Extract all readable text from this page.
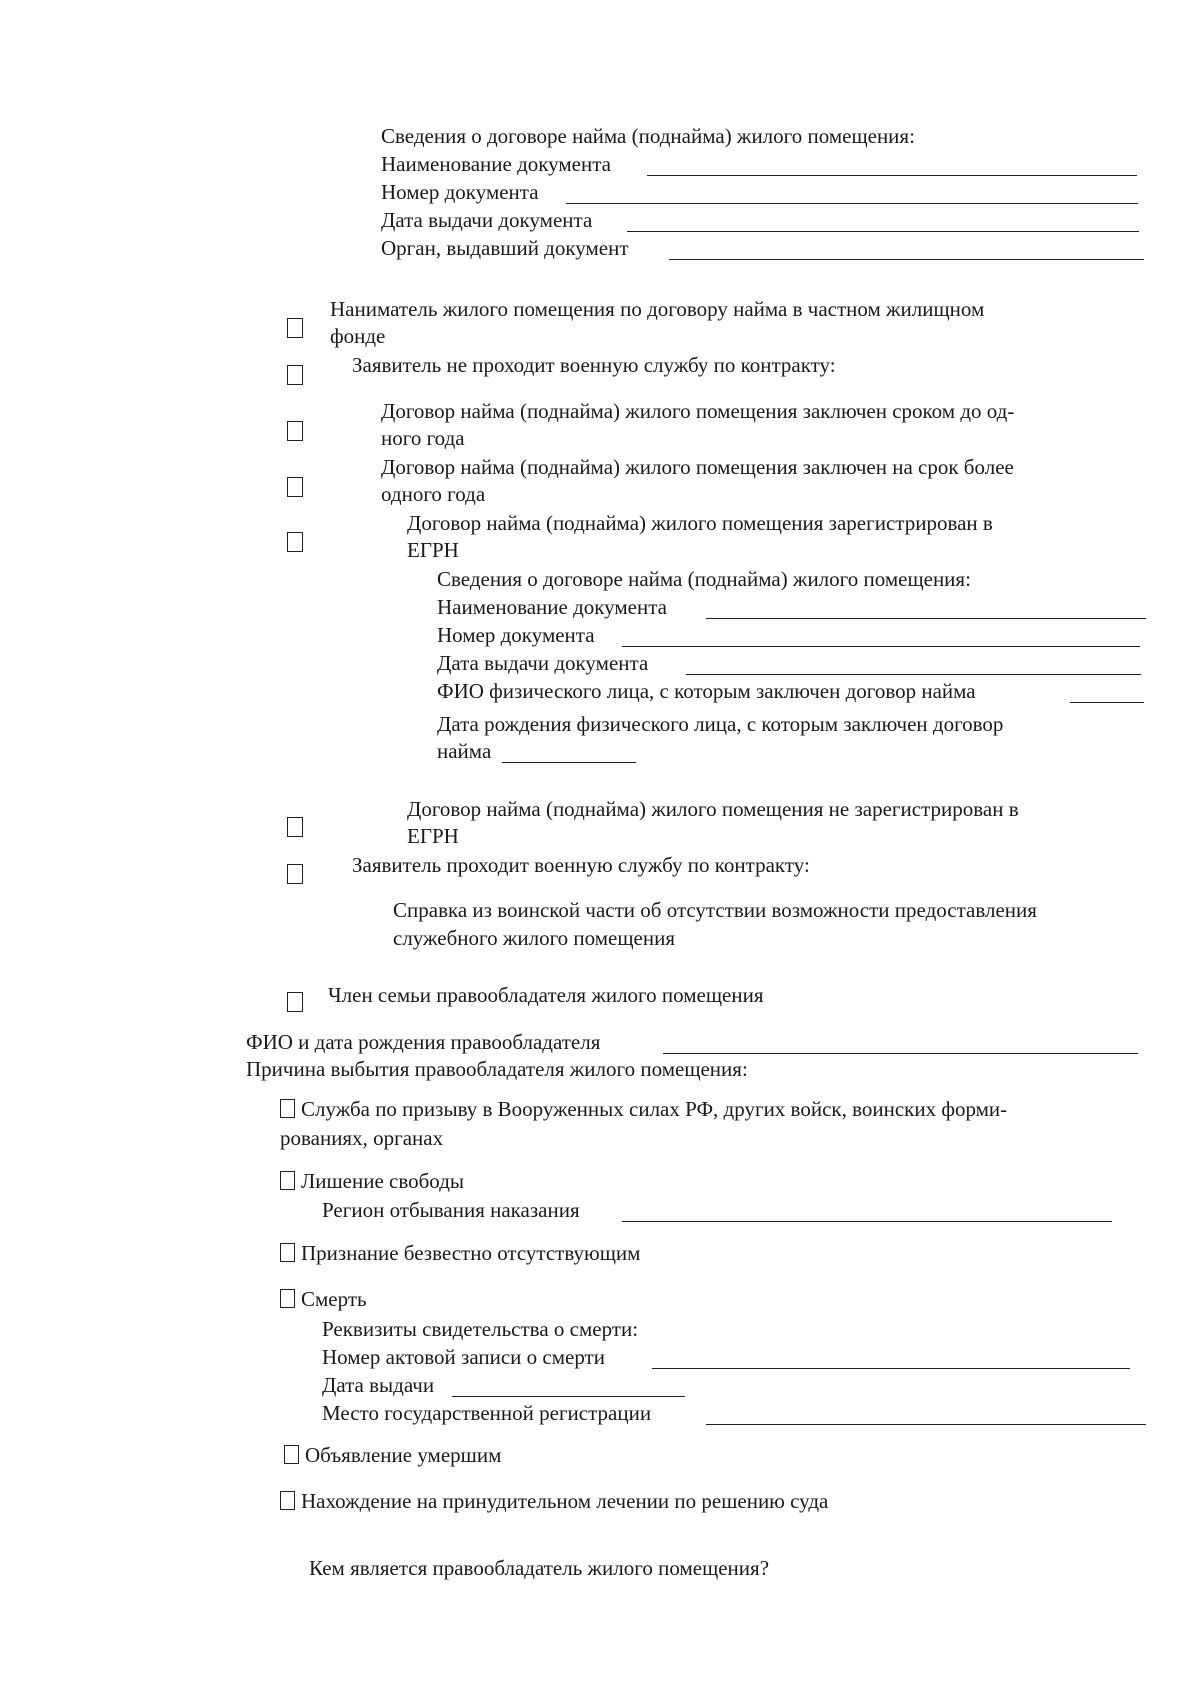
Сведения о договоре найма (поднайма) жилого помещения:
Наименование документа
Номер документа
Дата выдачи документа
Орган, выдавший документ
Наниматель жилого помещения по договору найма в частном жилищном
фонде
Заявитель не проходит военную службу по контракту:
Договор найма (поднайма) жилого помещения заключен сроком до од-
ного года
Договор найма (поднайма) жилого помещения заключен на срок более
одного года
Договор найма (поднайма) жилого помещения зарегистрирован в
ЕГРН
Сведения о договоре найма (поднайма) жилого помещения:
Наименование документа
Номер документа
Дата выдачи документа
ФИО физического лица, с которым заключен договор найма
Дата рождения физического лица, с которым заключен договор
найма
Договор найма (поднайма) жилого помещения не зарегистрирован в
ЕГРН
Заявитель проходит военную службу по контракту:
Справка из воинской части об отсутствии возможности предоставления
служебного жилого помещения
Член семьи правообладателя жилого помещения
ФИО и дата рождения правообладателя
Причина выбытия правообладателя жилого помещения:
Служба по призыву в Вооруженных силах РФ, других войск, воинских форми-
рованиях, органах
Лишение свободы
Регион отбывания наказания
Признание безвестно отсутствующим
Смерть
Реквизиты свидетельства о смерти:
Номер актовой записи о смерти
Дата выдачи
Место государственной регистрации
Объявление умершим
Нахождение на принудительном лечении по решению суда
Кем является правообладатель жилого помещения?
